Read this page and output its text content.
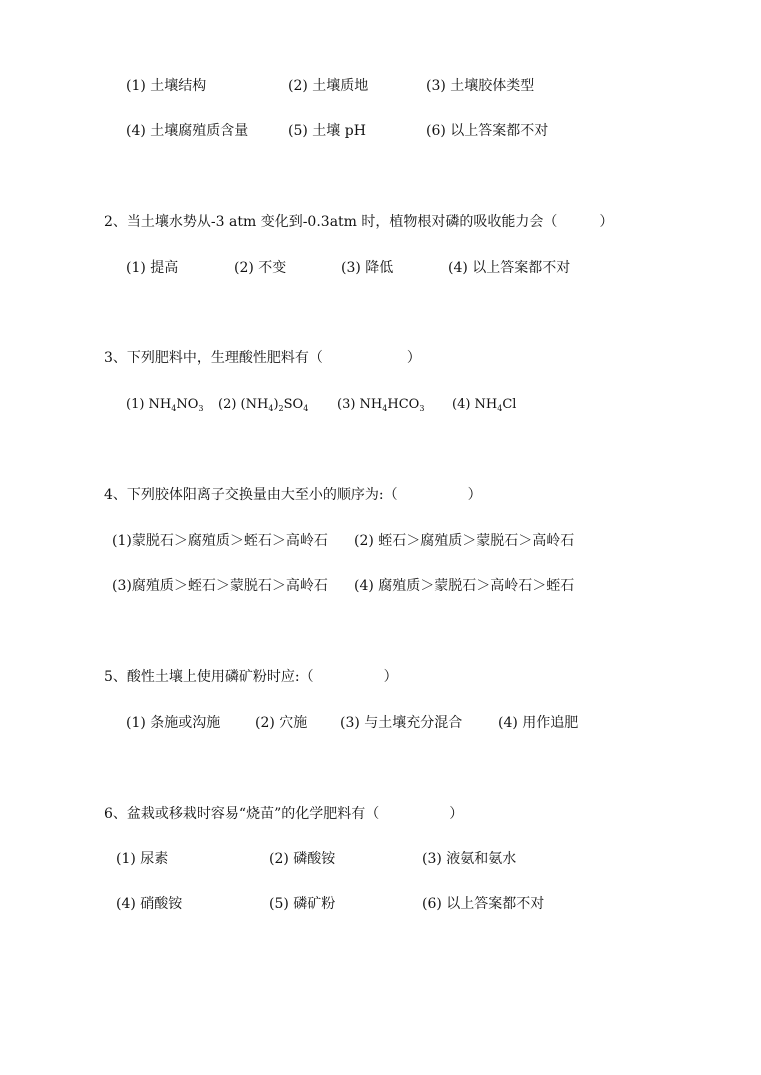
(1) 土壤结构	(2) 土壤质地	(3) 土壤胶体类型
(4) 土壤腐殖质含量	(5) 土壤 pH	(6) 以上答案都不对
2、当土壤水势从-3 atm 变化到-0.3atm 时，植物根对磷的吸收能力会（　　　）
(1) 提高	(2) 不变	(3) 降低	(4) 以上答案都不对
3、下列肥料中，生理酸性肥料有（　　　　　　）
(1) $NH_4NO_3$ (2) $(NH_4)_2SO_4$ (3) $NH_4HCO_3$ (4) $NH_4Cl$
4、下列胶体阳离子交换量由大至小的顺序为:（　　　　　）
(1)蒙脱石＞腐殖质＞蛭石＞高岭石 (2) 蛭石＞腐殖质＞蒙脱石＞高岭石
(3)腐殖质＞蛭石＞蒙脱石＞高岭石 (4) 腐殖质＞蒙脱石＞高岭石＞蛭石
5、酸性土壤上使用磷矿粉时应:（　　　　　）
(1) 条施或沟施 (2) 穴施 (3) 与土壤充分混合	(4) 用作追肥
6、盆栽或移栽时容易“烧苗”的化学肥料有（　　　　　）
(1) 尿素	(2) 磷酸铵	(3) 液氨和氨水
(4) 硝酸铵	(5) 磷矿粉	(6) 以上答案都不对
